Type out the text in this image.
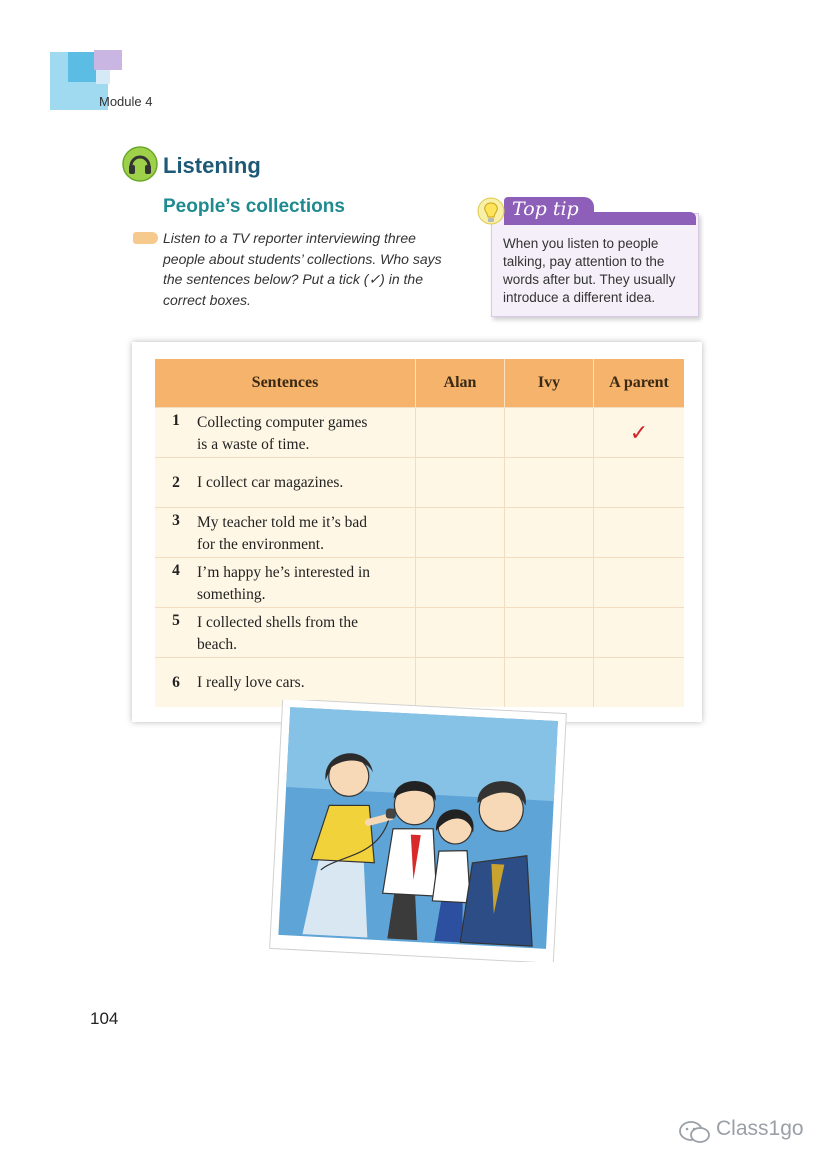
Module 4
Listening
People’s collections
Listen to a TV reporter interviewing three
people about students’ collections. Who says
the sentences below? Put a tick (✓) in the
correct boxes.
Top tip
When you listen to people
talking, pay attention to the
words after but. They usually
introduce a different idea.
Sentences	Alan	Ivy	A parent

1 Collecting computer games
is a waste of time.			✓

2 I collect car magazines.			

3 My teacher told me it’s bad
for the environment.			

4 I’m happy he’s interested in
something.			

5 I collected shells from the
beach.			

6 I really love cars.			

104
Class1go
